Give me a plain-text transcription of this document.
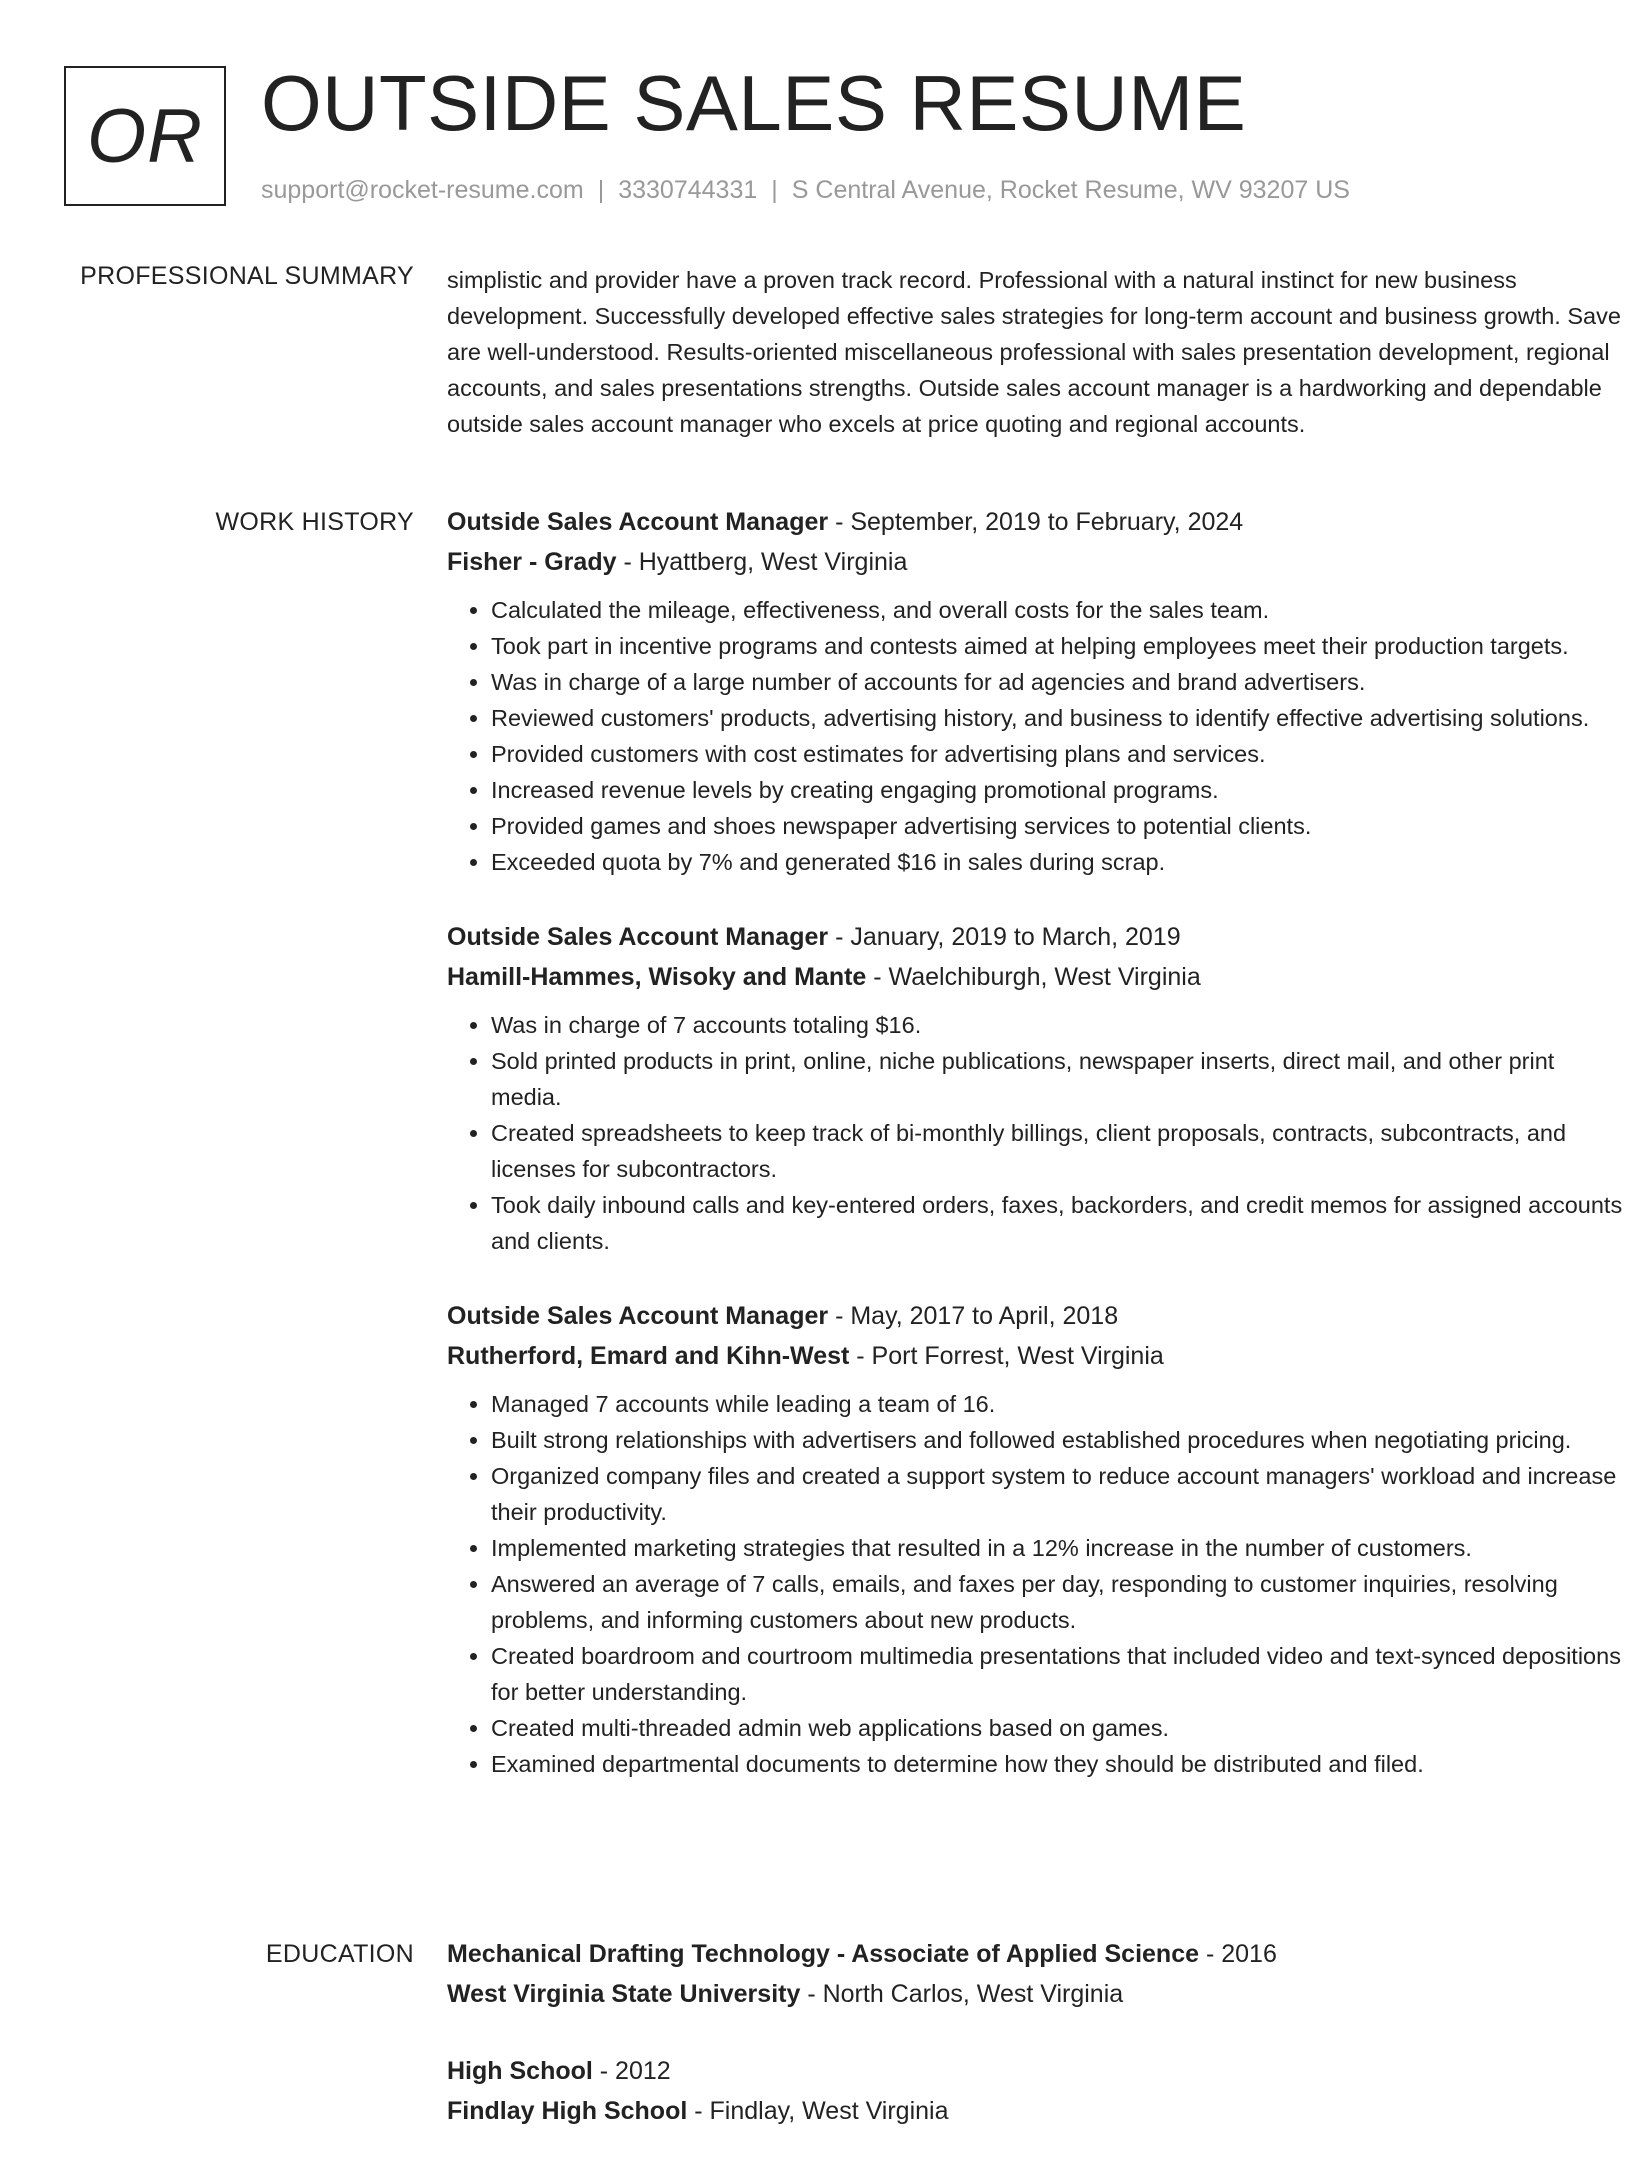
OR OUTSIDE SALES RESUME
support@rocket-resume.com | 3330744331 | S Central Avenue, Rocket Resume, WV 93207 US
PROFESSIONAL SUMMARY simplistic and provider have a proven track record. Professional with a natural instinct for new business development. Successfully developed effective sales strategies for long-term account and business growth. Save are well-understood. Results-oriented miscellaneous professional with sales presentation development, regional accounts, and sales presentations strengths. Outside sales account manager is a hardworking and dependable outside sales account manager who excels at price quoting and regional accounts.

WORK HISTORY Outside Sales Account Manager - September, 2019 to February, 2024
Fisher - Grady - Hyattberg, West Virginia
• Calculated the mileage, effectiveness, and overall costs for the sales team.
• Took part in incentive programs and contests aimed at helping employees meet their production targets.
• Was in charge of a large number of accounts for ad agencies and brand advertisers.
• Reviewed customers' products, advertising history, and business to identify effective advertising solutions.
• Provided customers with cost estimates for advertising plans and services.
• Increased revenue levels by creating engaging promotional programs.
• Provided games and shoes newspaper advertising services to potential clients.
• Exceeded quota by 7% and generated $16 in sales during scrap.
Outside Sales Account Manager - January, 2019 to March, 2019
Hamill-Hammes, Wisoky and Mante - Waelchiburgh, West Virginia
• Was in charge of 7 accounts totaling $16.
• Sold printed products in print, online, niche publications, newspaper inserts, direct mail, and other print media.
• Created spreadsheets to keep track of bi-monthly billings, client proposals, contracts, subcontracts, and licenses for subcontractors.
• Took daily inbound calls and key-entered orders, faxes, backorders, and credit memos for assigned accounts and clients.
Outside Sales Account Manager - May, 2017 to April, 2018
Rutherford, Emard and Kihn-West - Port Forrest, West Virginia
• Managed 7 accounts while leading a team of 16.
• Built strong relationships with advertisers and followed established procedures when negotiating pricing.
• Organized company files and created a support system to reduce account managers' workload and increase their productivity.
• Implemented marketing strategies that resulted in a 12% increase in the number of customers.
• Answered an average of 7 calls, emails, and faxes per day, responding to customer inquiries, resolving problems, and informing customers about new products.
• Created boardroom and courtroom multimedia presentations that included video and text-synced depositions for better understanding.
• Created multi-threaded admin web applications based on games.
• Examined departmental documents to determine how they should be distributed and filed.
EDUCATION Mechanical Drafting Technology - Associate of Applied Science - 2016
West Virginia State University - North Carlos, West Virginia
High School - 2012
Findlay High School - Findlay, West Virginia
